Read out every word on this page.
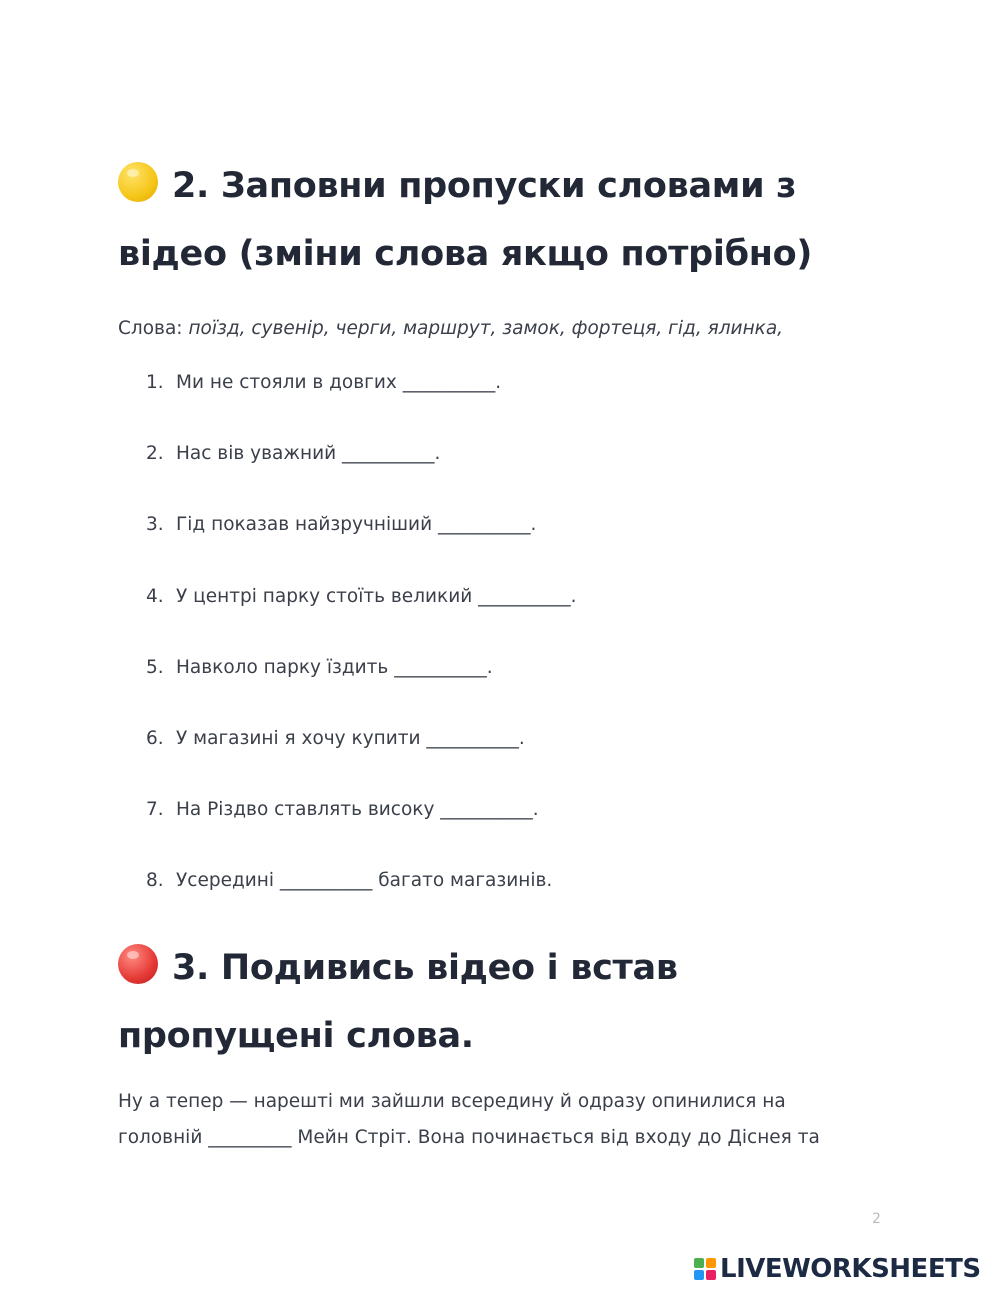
2. Заповни пропуски словами з
відео (зміни слова якщо потрібно)
Слова: поїзд, сувенір, черги, маршрут, замок, фортеця, гід, ялинка,
1. Ми не стояли в довгих __________.
2. Нас вів уважний __________.
3. Гід показав найзручніший __________.
4. У центрі парку стоїть великий __________.
5. Навколо парку їздить __________.
6. У магазині я хочу купити __________.
7. На Різдво ставлять високу __________.
8. Усередині __________ багато магазинів.
3. Подивись відео і встав
пропущені слова.

Ну а тепер — нарешті ми зайшли всередину й одразу опинилися на
головній _________ Мейн Стріт. Вона починається від входу до Діснея та

2
LIVEWORKSHEETS
